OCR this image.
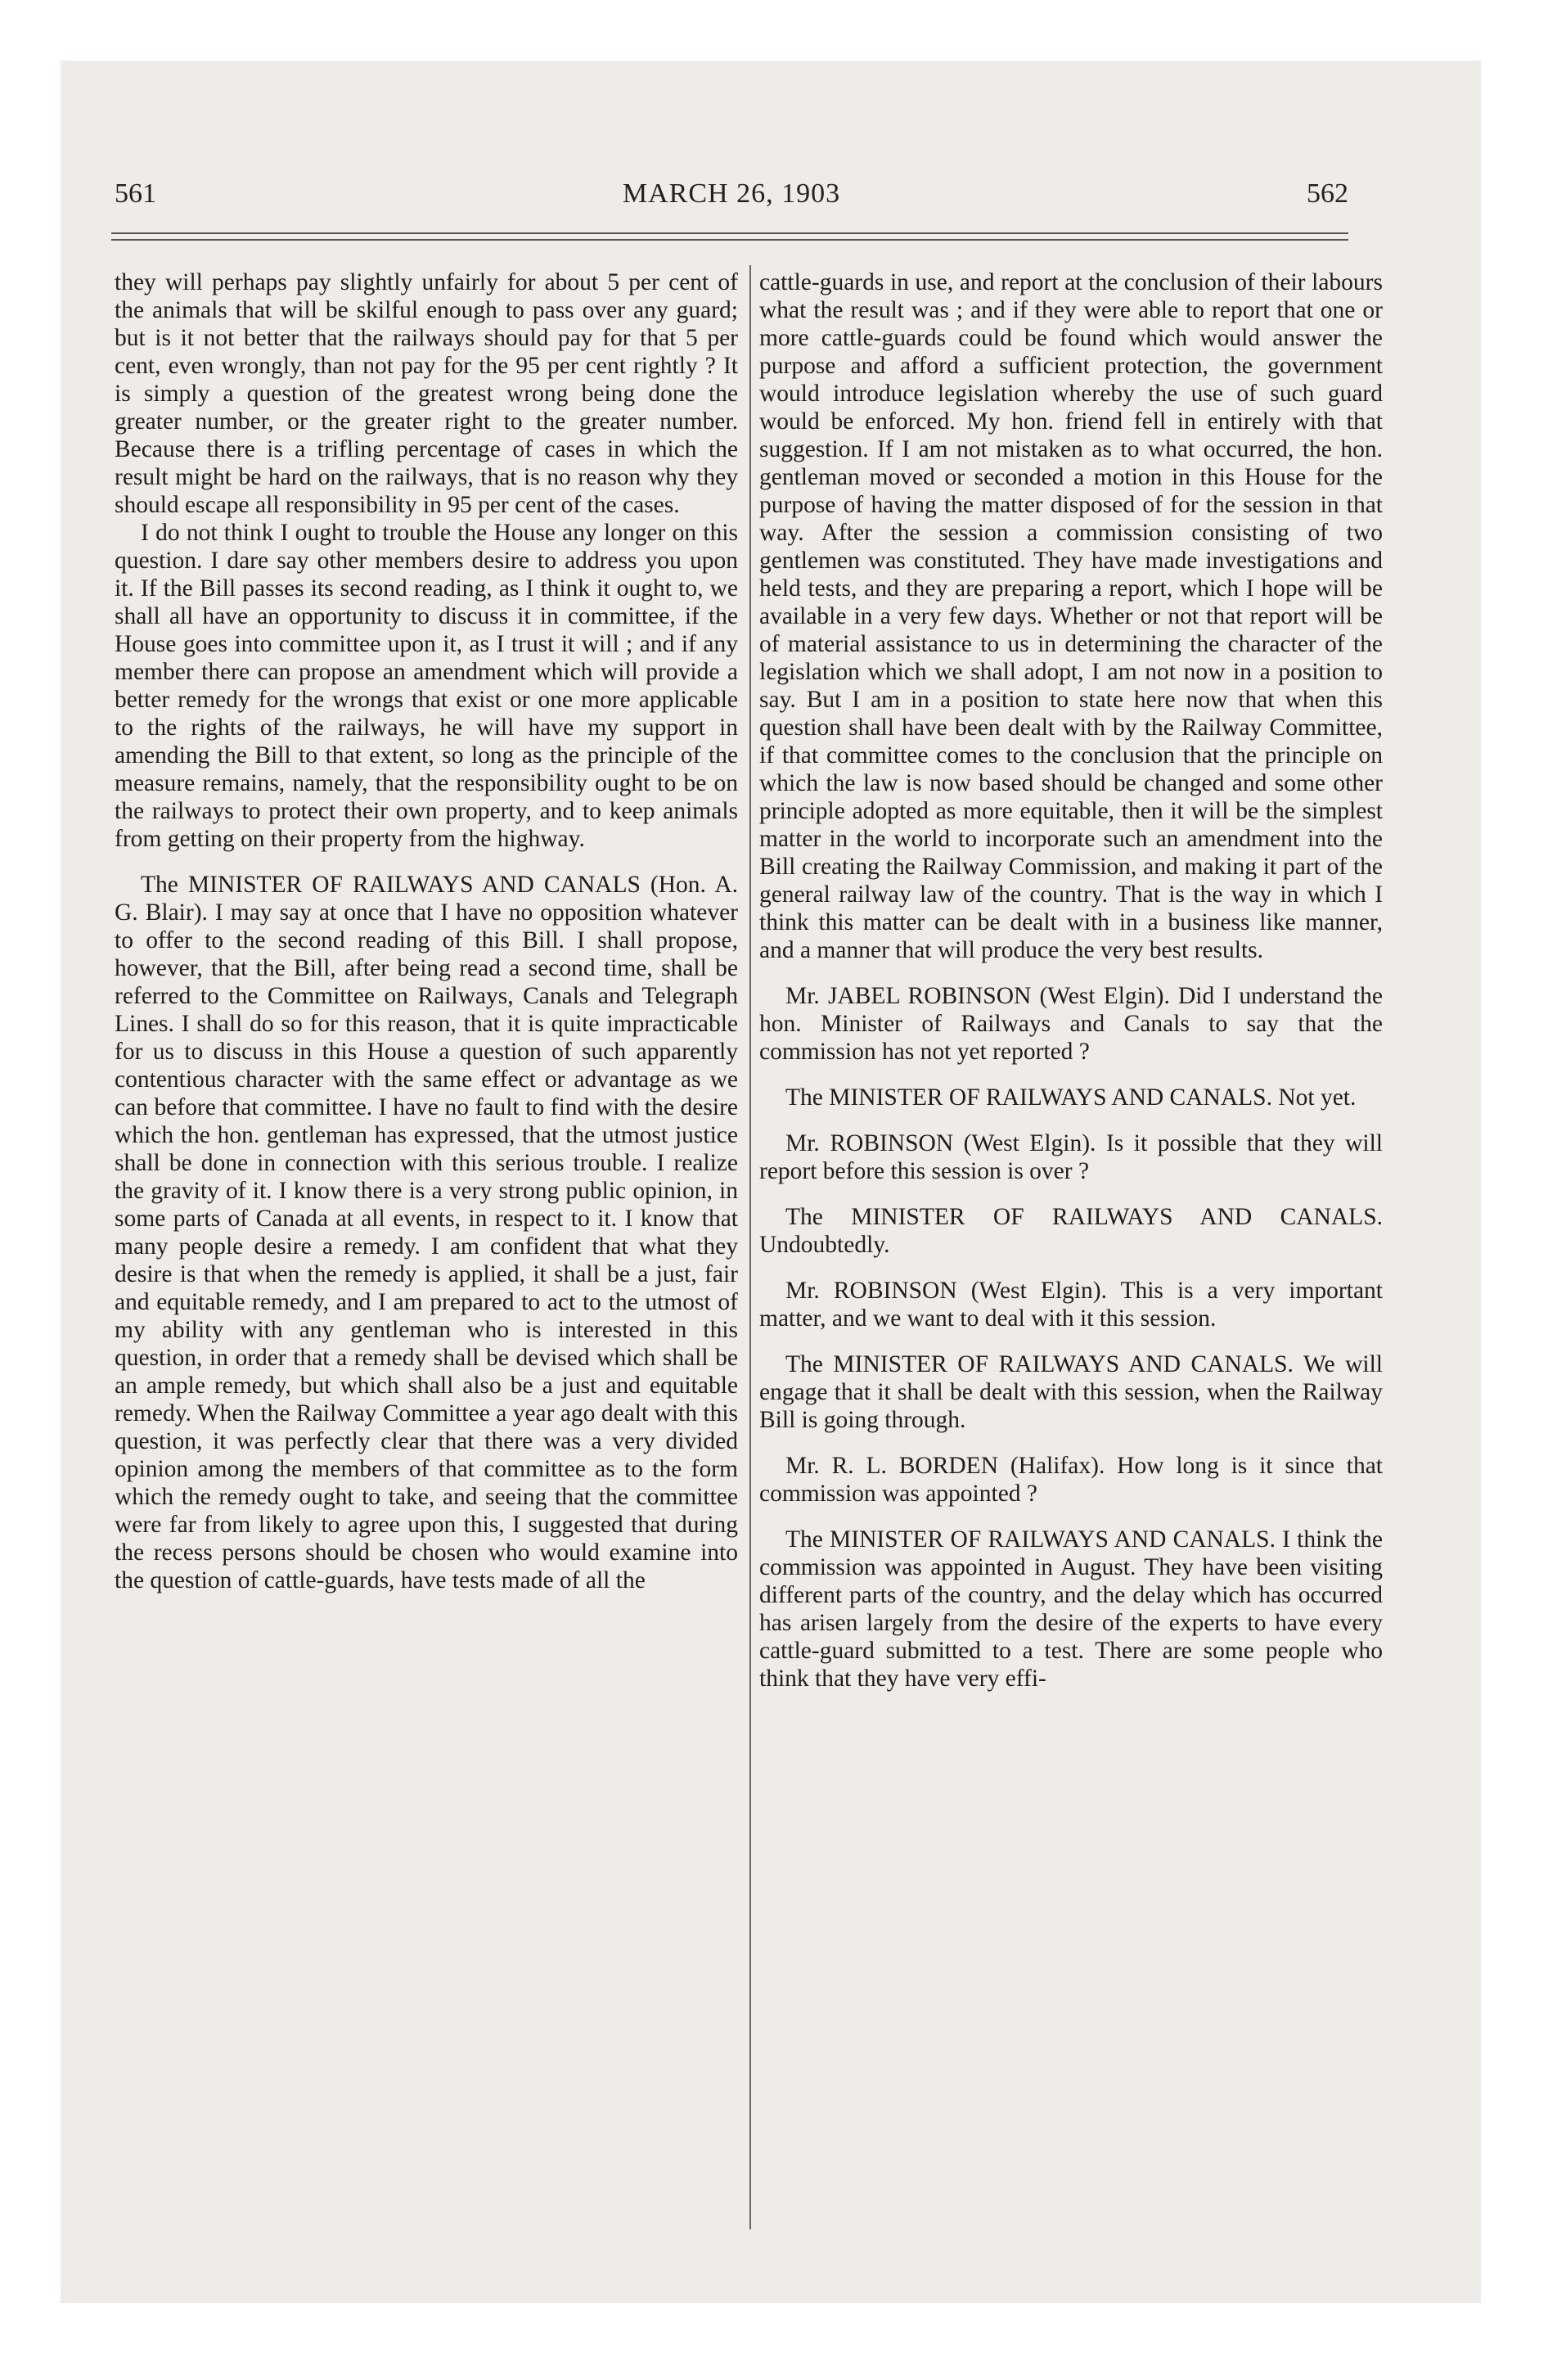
561	MARCH 26, 1903	562

they will perhaps pay slightly unfairly for about 5 per cent of the animals that will be skilful enough to pass over any guard; but is it not better that the railways should pay for that 5 per cent, even wrongly, than not pay for the 95 per cent rightly ? It is simply a question of the greatest wrong being done the greater number, or the greater right to the greater number. Because there is a trifling percentage of cases in which the result might be hard on the railways, that is no reason why they should escape all responsibility in 95 per cent of the cases.

I do not think I ought to trouble the House any longer on this question. I dare say other members desire to address you upon it. If the Bill passes its second reading, as I think it ought to, we shall all have an opportunity to discuss it in committee, if the House goes into committee upon it, as I trust it will ; and if any member there can propose an amendment which will provide a better remedy for the wrongs that exist or one more applicable to the rights of the railways, he will have my support in amending the Bill to that extent, so long as the principle of the measure remains, namely, that the responsibility ought to be on the railways to protect their own property, and to keep animals from getting on their property from the highway.

The MINISTER OF RAILWAYS AND CANALS (Hon. A. G. Blair). I may say at once that I have no opposition whatever to offer to the second reading of this Bill. I shall propose, however, that the Bill, after being read a second time, shall be referred to the Committee on Railways, Canals and Telegraph Lines. I shall do so for this reason, that it is quite impracticable for us to discuss in this House a question of such apparently contentious character with the same effect or advantage as we can before that committee. I have no fault to find with the desire which the hon. gentleman has expressed, that the utmost justice shall be done in connection with this serious trouble. I realize the gravity of it. I know there is a very strong public opinion, in some parts of Canada at all events, in respect to it. I know that many people desire a remedy. I am confident that what they desire is that when the remedy is applied, it shall be a just, fair and equitable remedy, and I am prepared to act to the utmost of my ability with any gentleman who is interested in this question, in order that a remedy shall be devised which shall be an ample remedy, but which shall also be a just and equitable remedy. When the Railway Committee a year ago dealt with this question, it was perfectly clear that there was a very divided opinion among the members of that committee as to the form which the remedy ought to take, and seeing that the committee were far from likely to agree upon this, I suggested that during the recess persons should be chosen who would examine into the question of cattle-guards, have tests made of all the

cattle-guards in use, and report at the conclusion of their labours what the result was ; and if they were able to report that one or more cattle-guards could be found which would answer the purpose and afford a sufficient protection, the government would introduce legislation whereby the use of such guard would be enforced. My hon. friend fell in entirely with that suggestion. If I am not mistaken as to what occurred, the hon. gentleman moved or seconded a motion in this House for the purpose of having the matter disposed of for the session in that way. After the session a commission consisting of two gentlemen was constituted. They have made investigations and held tests, and they are preparing a report, which I hope will be available in a very few days. Whether or not that report will be of material assistance to us in determining the character of the legislation which we shall adopt, I am not now in a position to say. But I am in a position to state here now that when this question shall have been dealt with by the Railway Committee, if that committee comes to the conclusion that the principle on which the law is now based should be changed and some other principle adopted as more equitable, then it will be the simplest matter in the world to incorporate such an amendment into the Bill creating the Railway Commission, and making it part of the general railway law of the country. That is the way in which I think this matter can be dealt with in a business like manner, and a manner that will produce the very best results.

Mr. JABEL ROBINSON (West Elgin). Did I understand the hon. Minister of Railways and Canals to say that the commission has not yet reported ?

The MINISTER OF RAILWAYS AND CANALS. Not yet.

Mr. ROBINSON (West Elgin). Is it possible that they will report before this session is over ?

The MINISTER OF RAILWAYS AND CANALS. Undoubtedly.

Mr. ROBINSON (West Elgin). This is a very important matter, and we want to deal with it this session.

The MINISTER OF RAILWAYS AND CANALS. We will engage that it shall be dealt with this session, when the Railway Bill is going through.

Mr. R. L. BORDEN (Halifax). How long is it since that commission was appointed ?

The MINISTER OF RAILWAYS AND CANALS. I think the commission was appointed in August. They have been visiting different parts of the country, and the delay which has occurred has arisen largely from the desire of the experts to have every cattle-guard submitted to a test. There are some people who think that they have very effi-
